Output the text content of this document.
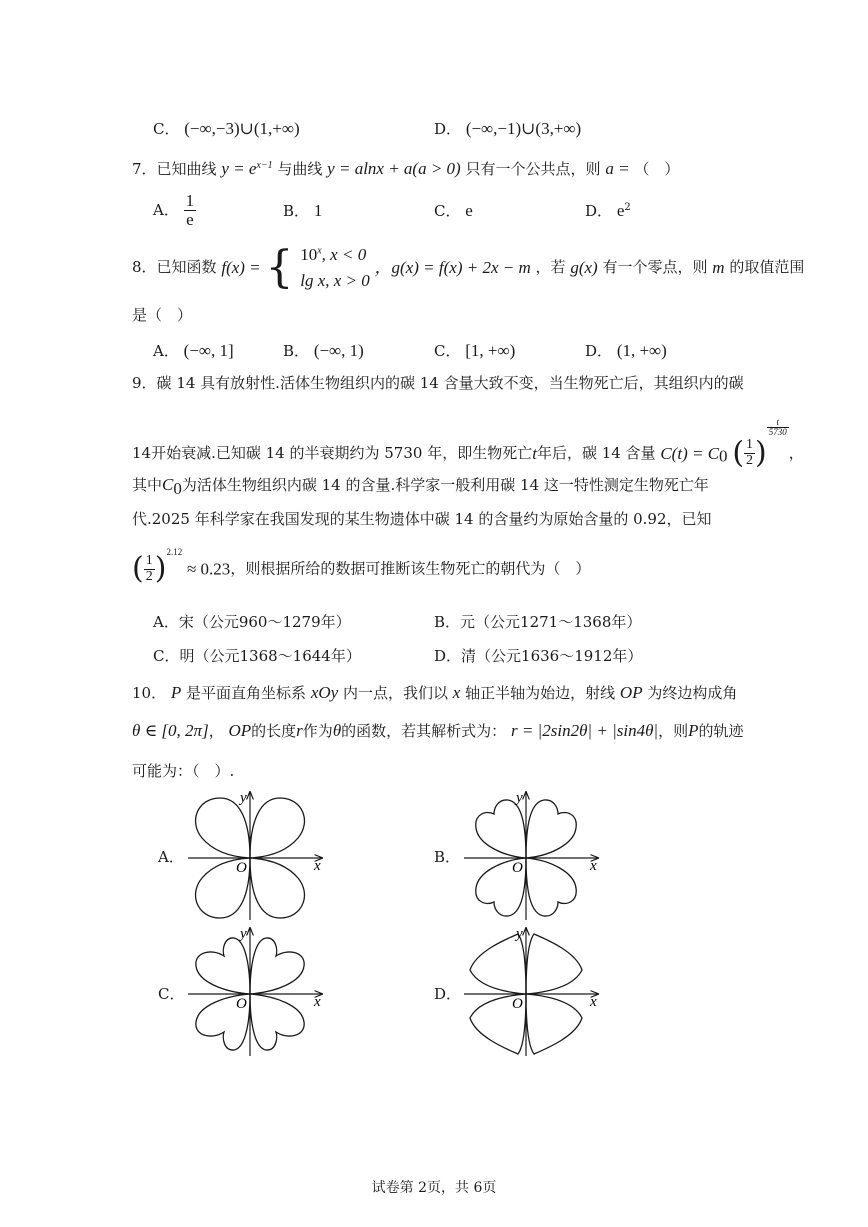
C． (−∞,−3)∪(1,+∞)	D． (−∞,−1)∪(3,+∞)
7．已知曲线 $y = e^{x-1}$ 与曲线 y = alnx + a(a > 0) 只有一个公共点，则 a = （　）
A． $\frac{1}{e}$	B． 1	C． e	D． $e^2$
8．已知函数 f(x) = { 10$^x$, x < 0
lg x, x > 0
，g(x) = f(x) + 2x − m ，若 g(x) 有一个零点，则 m 的取值范围
是（　）
A． (−∞, 1]	B． (−∞, 1)	C． [1, +∞)	D． (1, +∞)
9．碳 14 具有放射性.活体生物组织内的碳 14 含量大致不变，当生物死亡后，其组织内的碳
14开始衰减.已知碳 14 的半衰期约为 5730 年，即生物死亡t年后，碳 14 含量 $C(t) = C_0$ ( $\frac{1}{2}$ )
$\frac{t}{5730}$
，
其中$C_0$为活体生物组织内碳 14 的含量.科学家一般利用碳 14 这一特性测定生物死亡年
代.2025 年科学家在我国发现的某生物遗体中碳 14 的含量约为原始含量的 0.92，已知
( $\frac{1}{2} )^{2.12} \approx 0.23$，则根据所给的数据可推断该生物死亡的朝代为（　）
A．宋（公元960～1279年）	B．元（公元1271～1368年）
C．明（公元1368～1644年）	D．清（公元1636～1912年）
10． P 是平面直角坐标系 xOy 内一点，我们以 x 轴正半轴为始边，射线 OP 为终边构成角
θ ∈ [0, 2π]， OP的长度r作为θ的函数，若其解析式为： r = |2sin2θ| + |sin4θ|，则P的轨迹
可能为：（　）.
A．	B．
C．	D．
x
y
O	x
y
O
x
y
O	x
y
O
试卷第 2页，共 6页
